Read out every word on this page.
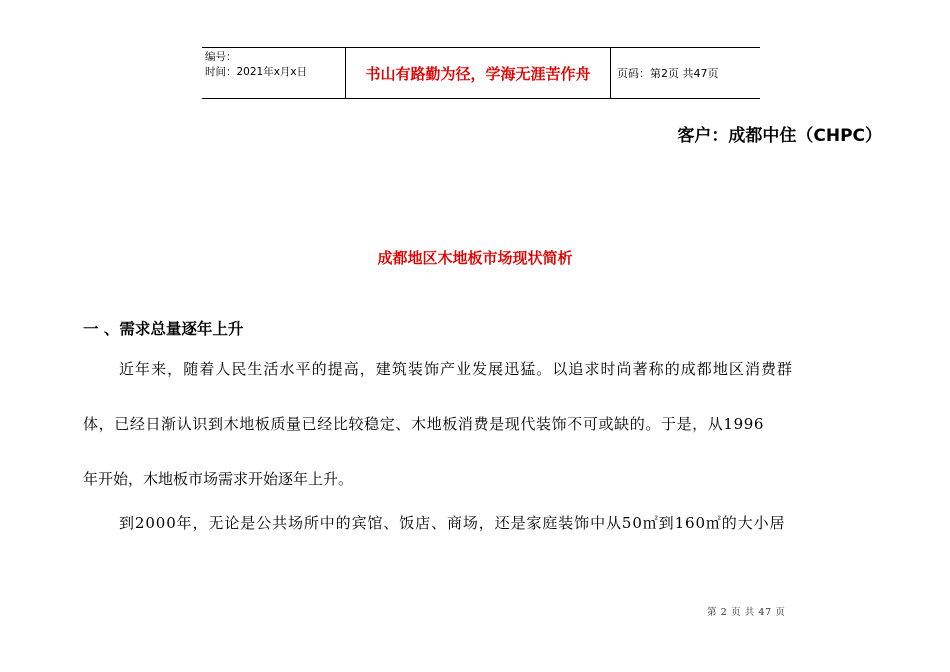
编号：
时间：2021年x月x日	书山有路勤为径，学海无涯苦作舟 页码：第2页 共47页
客户：成都中住（CHPC）
成都地区木地板市场现状简析
一 、需求总量逐年上升
近年来，随着人民生活水平的提高，建筑装饰产业发展迅猛。以追求时尚著称的成都地区消费群
体，已经日渐认识到木地板质量已经比较稳定、木地板消费是现代装饰不可或缺的。于是，从1996
年开始，木地板市场需求开始逐年上升。
到2000年，无论是公共场所中的宾馆、饭店、商场，还是家庭装饰中从50㎡到160㎡的大小居
第 2 页 共 47 页
